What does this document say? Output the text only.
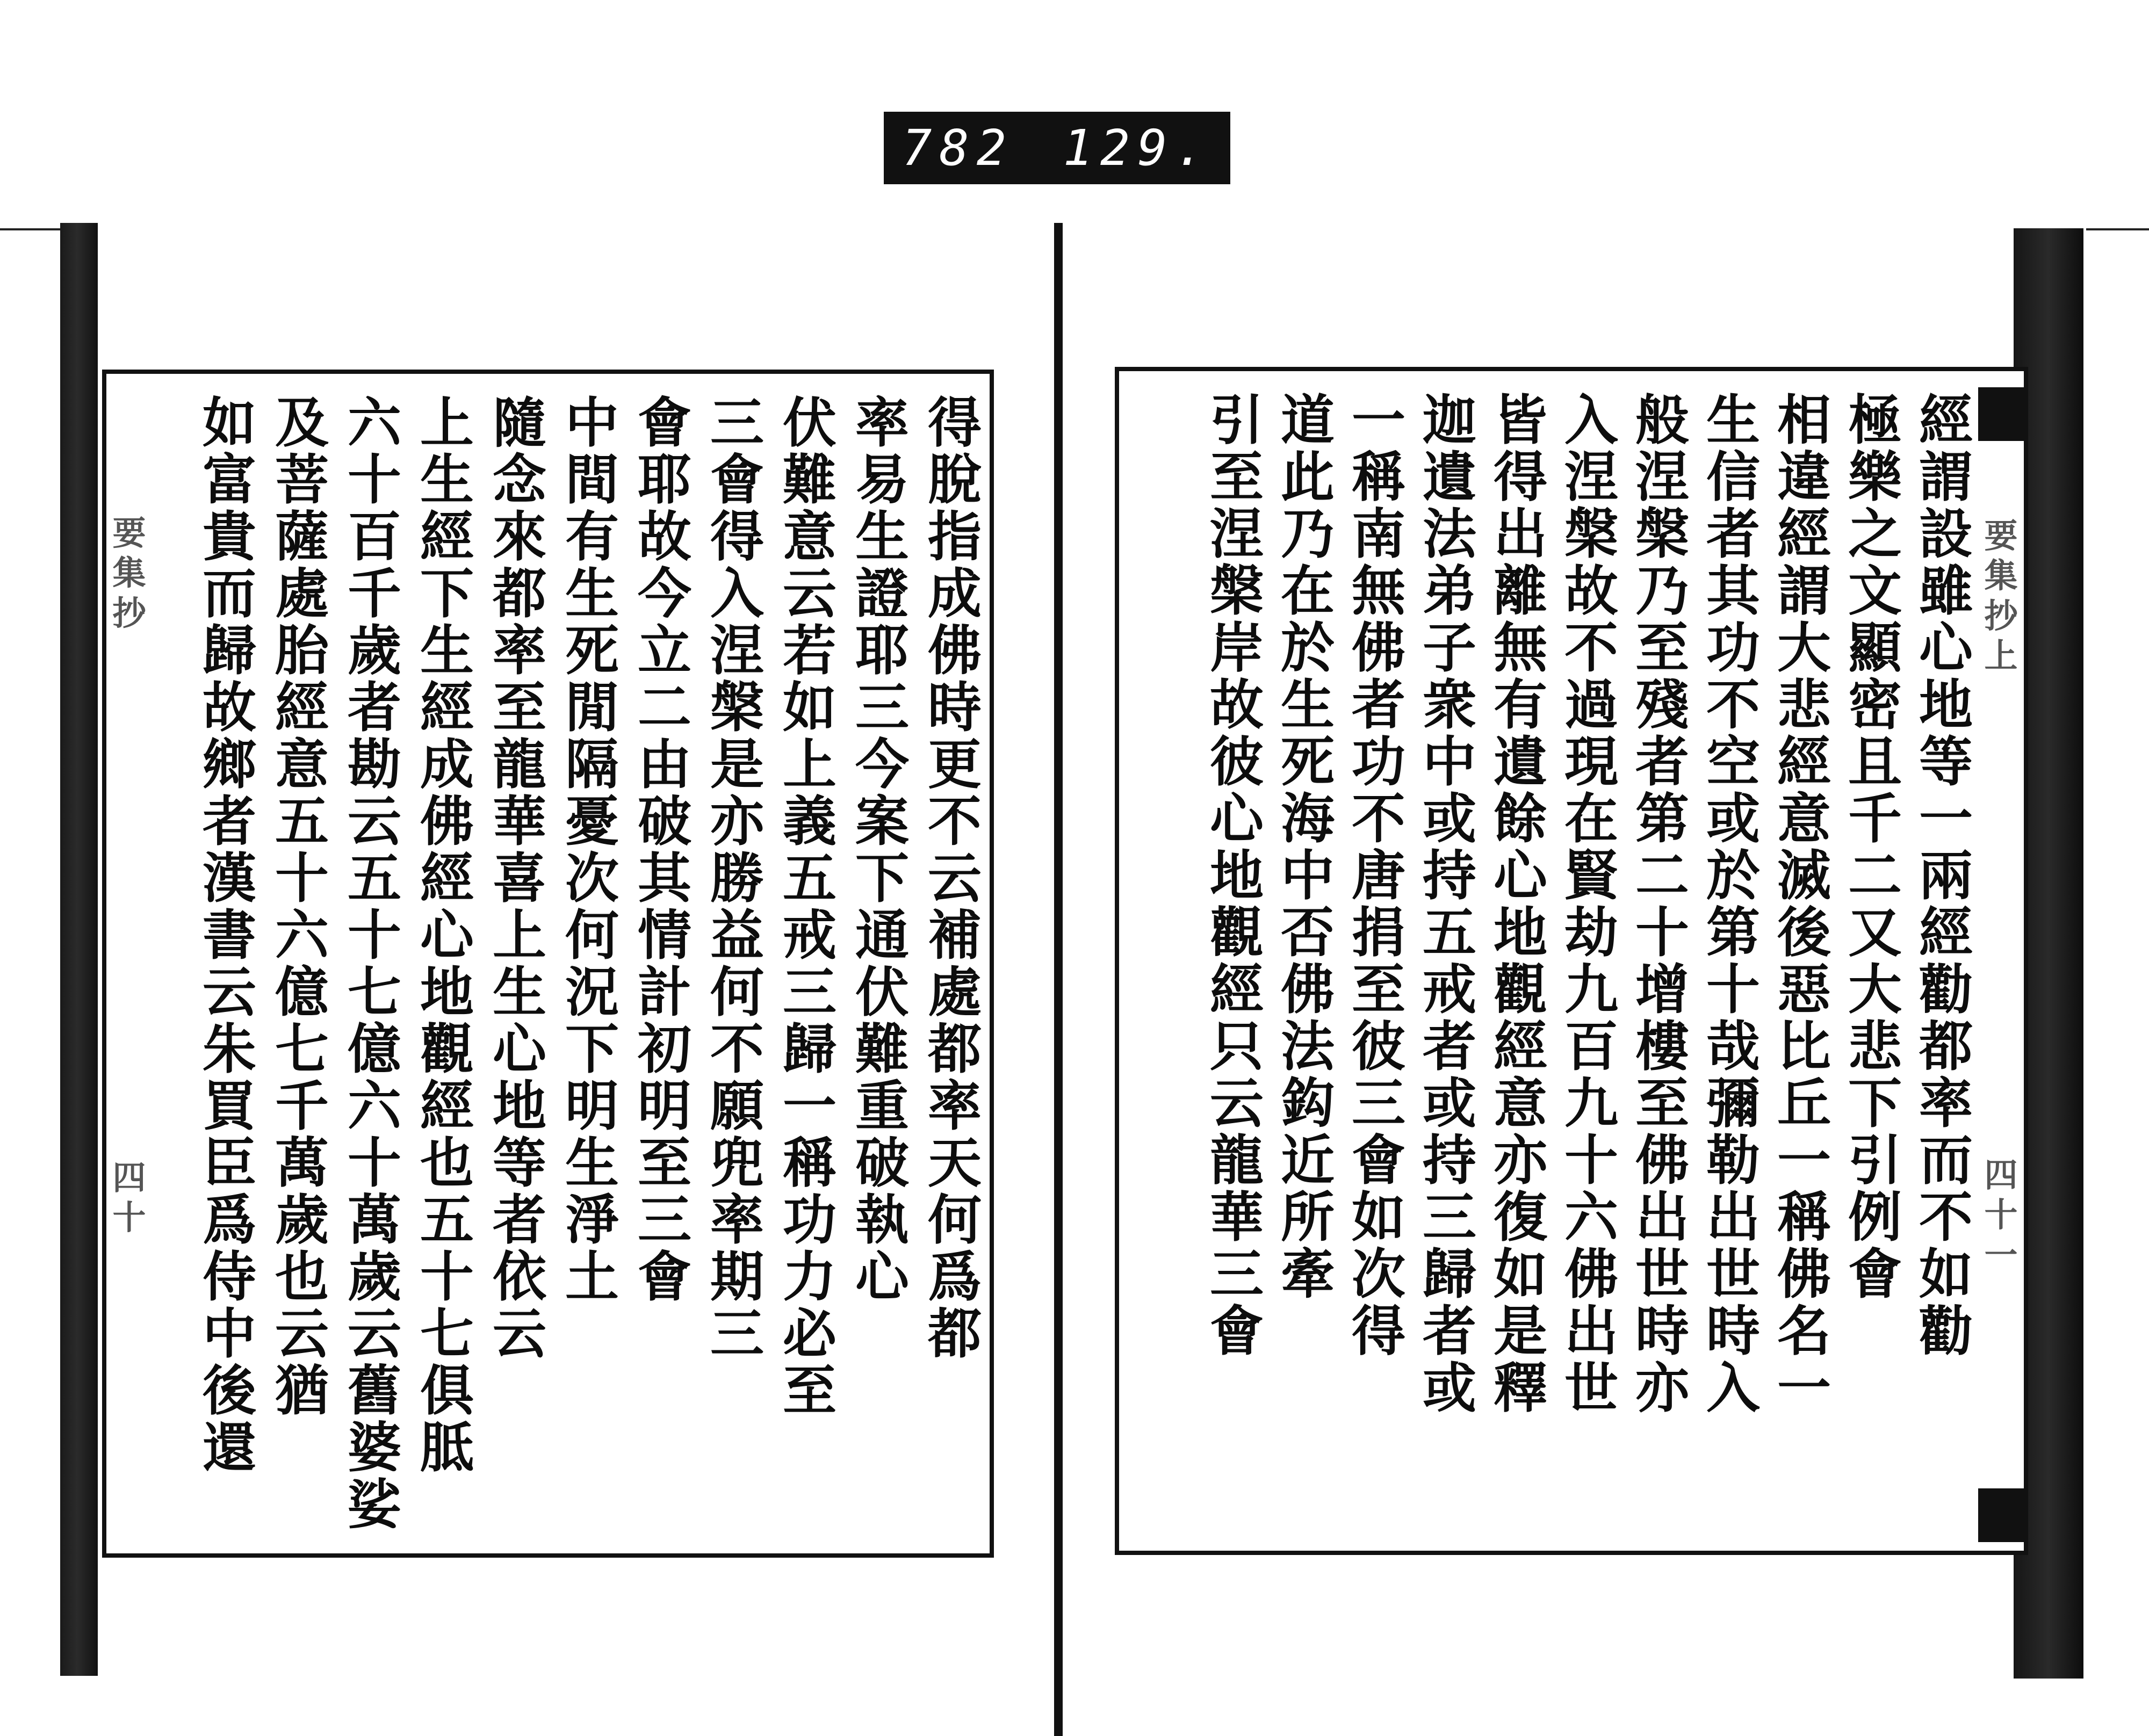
782 129.
要
集
抄
四
十
得
脫
指
成
佛
時
更
不
云
補
處
都
率
天
何
爲
都
率
易
生
證
耶
三
今
案
下
通
伏
難
重
破
執
心
伏
難
意
云
若
如
上
義
五
戒
三
歸
一
稱
功
力
必
至
三
會
得
入
涅
槃
是
亦
勝
益
何
不
願
兜
率
期
三
會
耶
故
今
立
二
由
破
其
情
計
初
明
至
三
會
中
間
有
生
死
閒
隔
憂
次
何
況
下
明
生
淨
土
隨
念
來
都
率
至
龍
華
喜
上
生
心
地
等
者
依
云
上
生
經
下
生
經
成
佛
經
心
地
觀
經
也
五
十
七
俱
胝
六
十
百
千
歲
者
勘
云
五
十
七
億
六
十
萬
歲
云
舊
婆
娑
及
菩
薩
處
胎
經
意
五
十
六
億
七
千
萬
歲
也
云
猶
如
富
貴
而
歸
故
鄉
者
漢
書
云
朱
買
臣
爲
侍
中
後
還
要
集
抄
上
四
十
一
經
謂
設
雖
心
地
等
一
兩
經
勸
都
率
而
不
如
勸
極
樂
之
文
顯
密
且
千
二
又
大
悲
下
引
例
會
相
違
經
謂
大
悲
經
意
滅
後
惡
比
丘
一
稱
佛
名
一
生
信
者
其
功
不
空
或
於
第
十
哉
彌
勒
出
世
時
入
般
涅
槃
乃
至
殘
者
第
二
十
增
樓
至
佛
出
世
時
亦
入
涅
槃
故
不
過
現
在
賢
劫
九
百
九
十
六
佛
出
世
皆
得
出
離
無
有
遺
餘
心
地
觀
經
意
亦
復
如
是
釋
迦
遺
法
弟
子
衆
中
或
持
五
戒
者
或
持
三
歸
者
或
一
稱
南
無
佛
者
功
不
唐
捐
至
彼
三
會
如
次
得
道
此
乃
在
於
生
死
海
中
否
佛
法
鈎
近
所
牽
引
至
涅
槃
岸
故
彼
心
地
觀
經
只
云
龍
華
三
會
